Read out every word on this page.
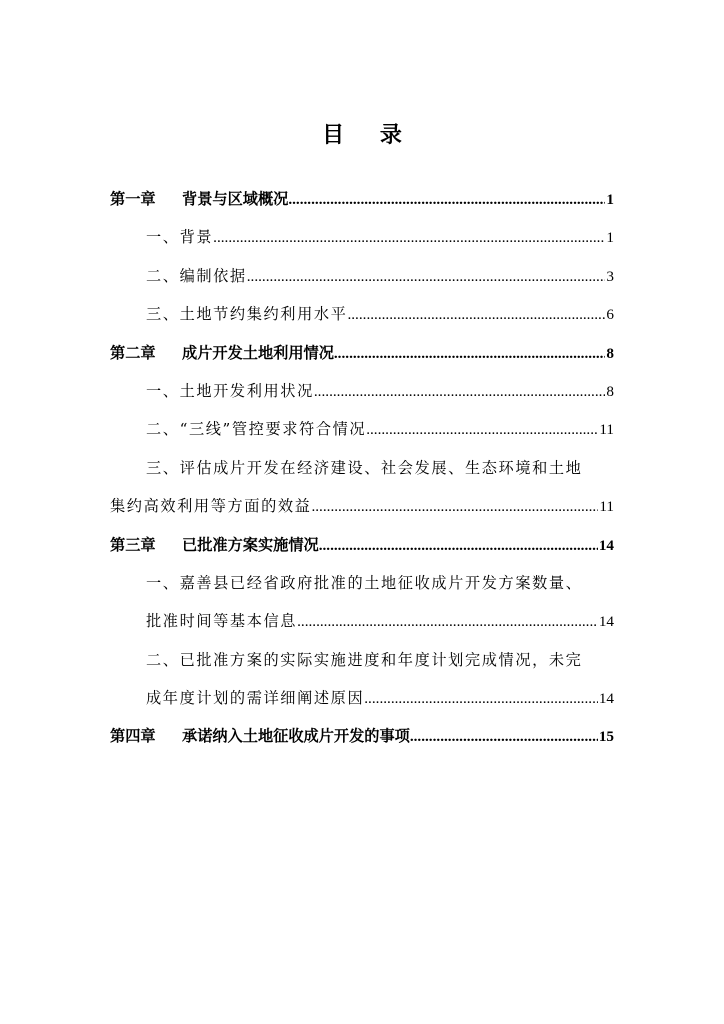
目 录
第一章	背景与区域概况 .....	1
一、背景 .....	1
二、编制依据 .....	3
三、土地节约集约利用水平 .....	6
第二章	成片开发土地利用情况 .....	8
一、土地开发利用状况 .....	8
二、“三线”管控要求符合情况 .....	11
三、评估成片开发在经济建设、社会发展、生态环境和土地
集约高效利用等方面的效益 .....	11
第三章	已批准方案实施情况 .....	14
一、嘉善县已经省政府批准的土地征收成片开发方案数量、
批准时间等基本信息 .....	14
二、已批准方案的实际实施进度和年度计划完成情况，未完
成年度计划的需详细阐述原因 .....	14
第四章	承诺纳入土地征收成片开发的事项 .....	15
